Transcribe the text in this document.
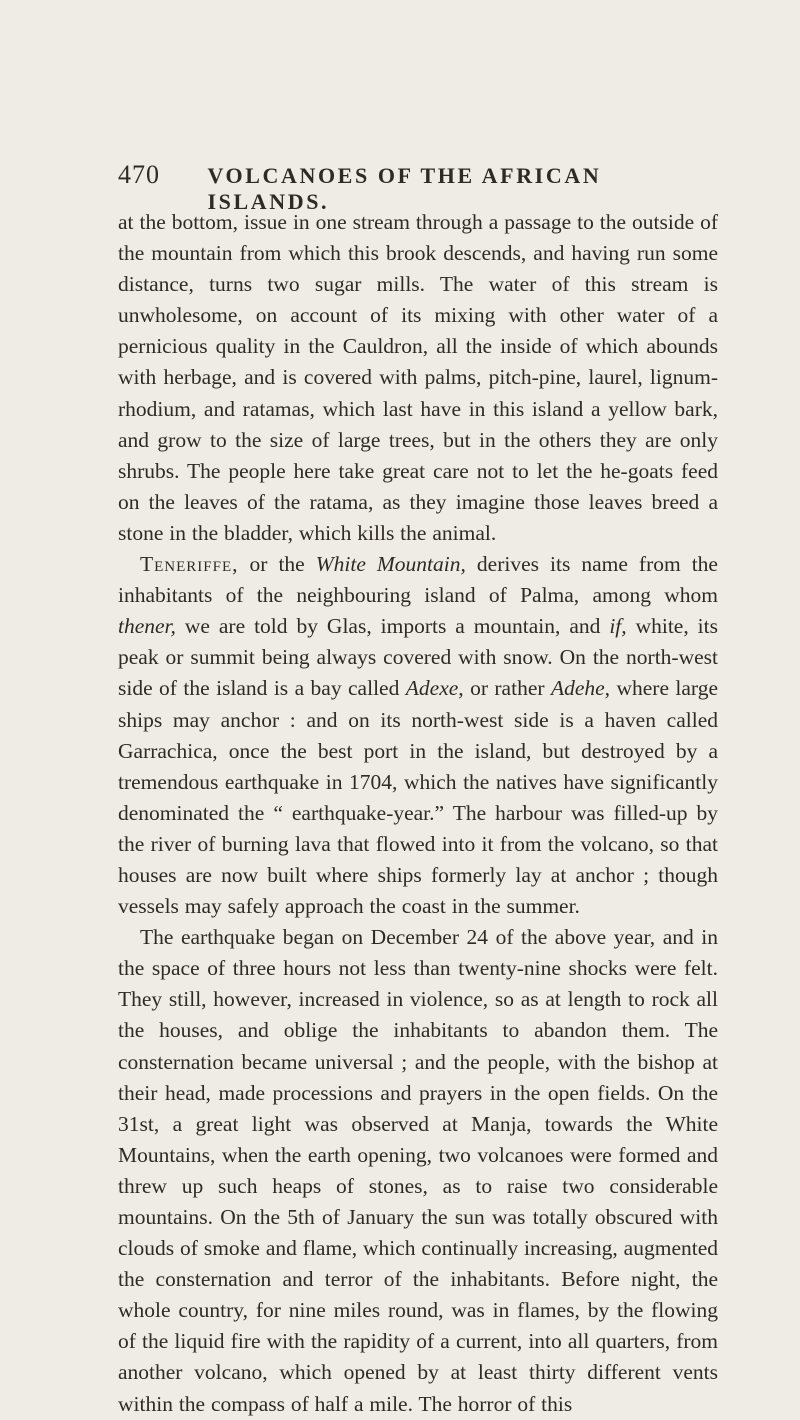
470	VOLCANOES OF THE AFRICAN ISLANDS.

at the bottom, issue in one stream through a passage to the outside of the mountain from which this brook descends, and having run some distance, turns two sugar mills. The water of this stream is unwholesome, on account of its mixing with other water of a pernicious quality in the Cauldron, all the inside of which abounds with herbage, and is covered with palms, pitch-pine, laurel, lignum-rhodium, and ratamas, which last have in this island a yellow bark, and grow to the size of large trees, but in the others they are only shrubs. The people here take great care not to let the he-goats feed on the leaves of the ratama, as they imagine those leaves breed a stone in the bladder, which kills the animal.

Teneriffe, or the White Mountain, derives its name from the inhabitants of the neighbouring island of Palma, among whom thener, we are told by Glas, imports a mountain, and if, white, its peak or summit being always covered with snow. On the north-west side of the island is a bay called Adexe, or rather Adehe, where large ships may anchor : and on its north-west side is a haven called Garrachica, once the best port in the island, but destroyed by a tremendous earthquake in 1704, which the natives have significantly denominated the “ earthquake-year.” The harbour was filled-up by the river of burning lava that flowed into it from the volcano, so that houses are now built where ships formerly lay at anchor ; though vessels may safely approach the coast in the summer.

The earthquake began on December 24 of the above year, and in the space of three hours not less than twenty-nine shocks were felt. They still, however, increased in violence, so as at length to rock all the houses, and oblige the inhabitants to abandon them. The consternation became universal ; and the people, with the bishop at their head, made processions and prayers in the open fields. On the 31st, a great light was observed at Manja, towards the White Mountains, when the earth opening, two volcanoes were formed and threw up such heaps of stones, as to raise two considerable mountains. On the 5th of January the sun was totally obscured with clouds of smoke and flame, which continually increasing, augmented the consternation and terror of the inhabitants. Before night, the whole country, for nine miles round, was in flames, by the flowing of the liquid fire with the rapidity of a current, into all quarters, from another volcano, which opened by at least thirty different vents within the compass of half a mile. The horror of this
